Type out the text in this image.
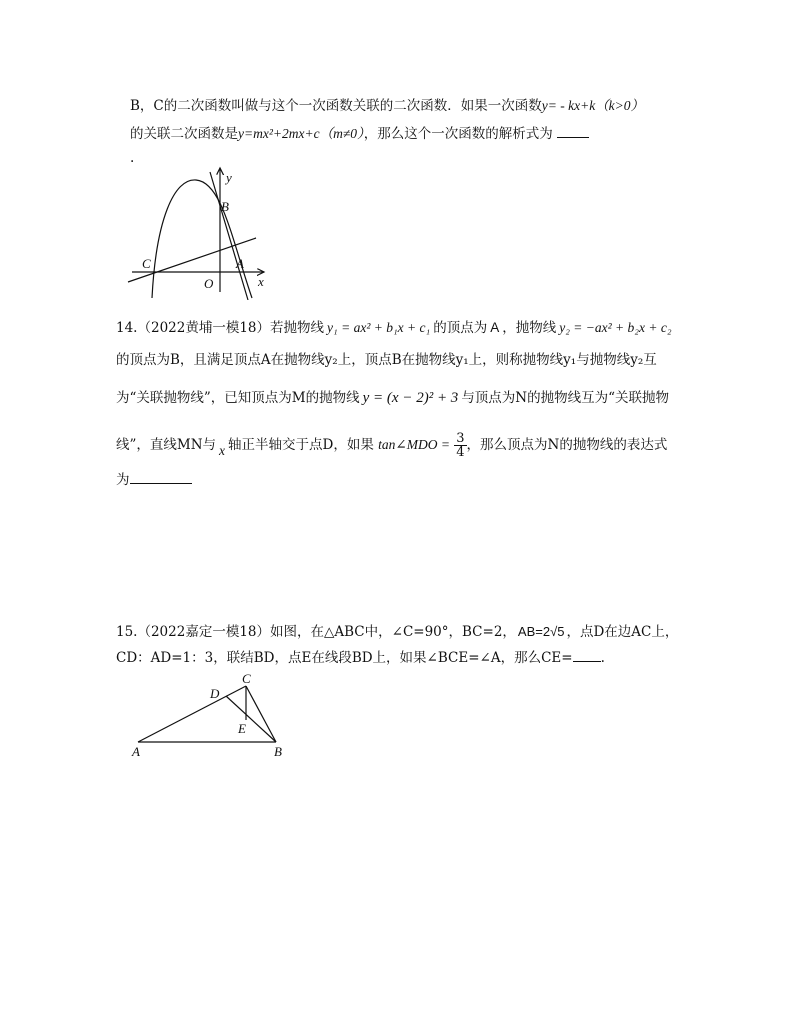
B，C的二次函数叫做与这个一次函数关联的二次函数．如果一次函数y= - kx+k（k>0）
的关联二次函数是y=mx²+2mx+c（m≠0），那么这个一次函数的解析式为
.
y
x
B
C	A
O
14.（2022黄埔一模18）若抛物线 y₁ = ax² + b₁x + c₁ 的顶点为 A ，抛物线 y₂ = −ax² + b₂x + c₂
的顶点为B，且满足顶点A在抛物线y₂上，顶点B在抛物线y₁上，则称抛物线y₁与抛物线y₂互
为“关联抛物线”，已知顶点为M的抛物线 y = (x − 2)² + 3 与顶点为N的抛物线互为“关联抛物
线”，直线MN与 x 轴正半轴交于点D，如果 tan∠MDO = $\frac{3}{4}$ ，那么顶点为N的抛物线的表达式
为
15.（2022嘉定一模18）如图，在△ABC中，∠C=90°，BC=2， AB=2√5 ，点D在边AC上，
CD：AD=1：3，联结BD，点E在线段BD上，如果∠BCE=∠A，那么CE= .
C
D
E
A	B
